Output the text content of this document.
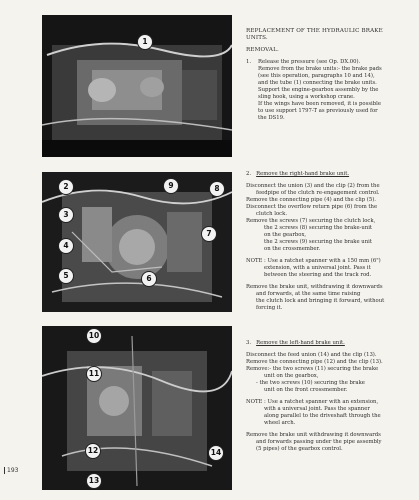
1
2
3
4
5	6
7
8
9
10
11
12
13
14

REPLACEMENT OF THE HYDRAULIC BRAKE

UNITS.

REMOVAL.

1. Release the pressure (see Op. DX.00).

Remove from the brake units:- the brake pads

(see this operation, paragraphs 10 and 14),

and the tube (1) connecting the brake units.

Support the engine-gearbox assembly by the

sling hook, using a workshop crane.

If the wings have been removed, it is possible

to use support 1797-T as previously used for

the DS19.

2. Remove the right-hand brake unit.

Disconnect the union (3) and the clip (2) from the

feedpipe of the clutch re-engagement control.

Remove the connecting pipe (4) and the clip (5).

Disconnect the overflow return pipe (6) from the

clutch lock.

Remove the screws (7) securing the clutch lock,

the 2 screws (8) securing the brake-unit

on the gearbox,

the 2 screws (9) securing the brake unit

on the crossmember.

NOTE : Use a ratchet spanner with a 150 mm (6")

extension, with a universal joint. Pass it

between the steering and the track rod.

Remove the brake unit, withdrawing it downwards

and forwards, at the same time raising

the clutch lock and bringing it forward, without

forcing it.

3. Remove the left-hand brake unit.

Disconnect the feed union (14) and the clip (13).

Remove the connecting pipe (12) and the clip (13).

Remove:- the two screws (11) securing the brake

unit on the gearbox,

- the two screws (10) securing the brake

unit on the front crossmember.

NOTE : Use a ratchet spanner with an extension,

with a universal joint. Pass the spanner

along parallel to the driveshaft through the

wheel arch.

Remove the brake unit withdrawing it downwards

and forwards passing under the pipe assembly

(5 pipes) of the gearbox control.

193
